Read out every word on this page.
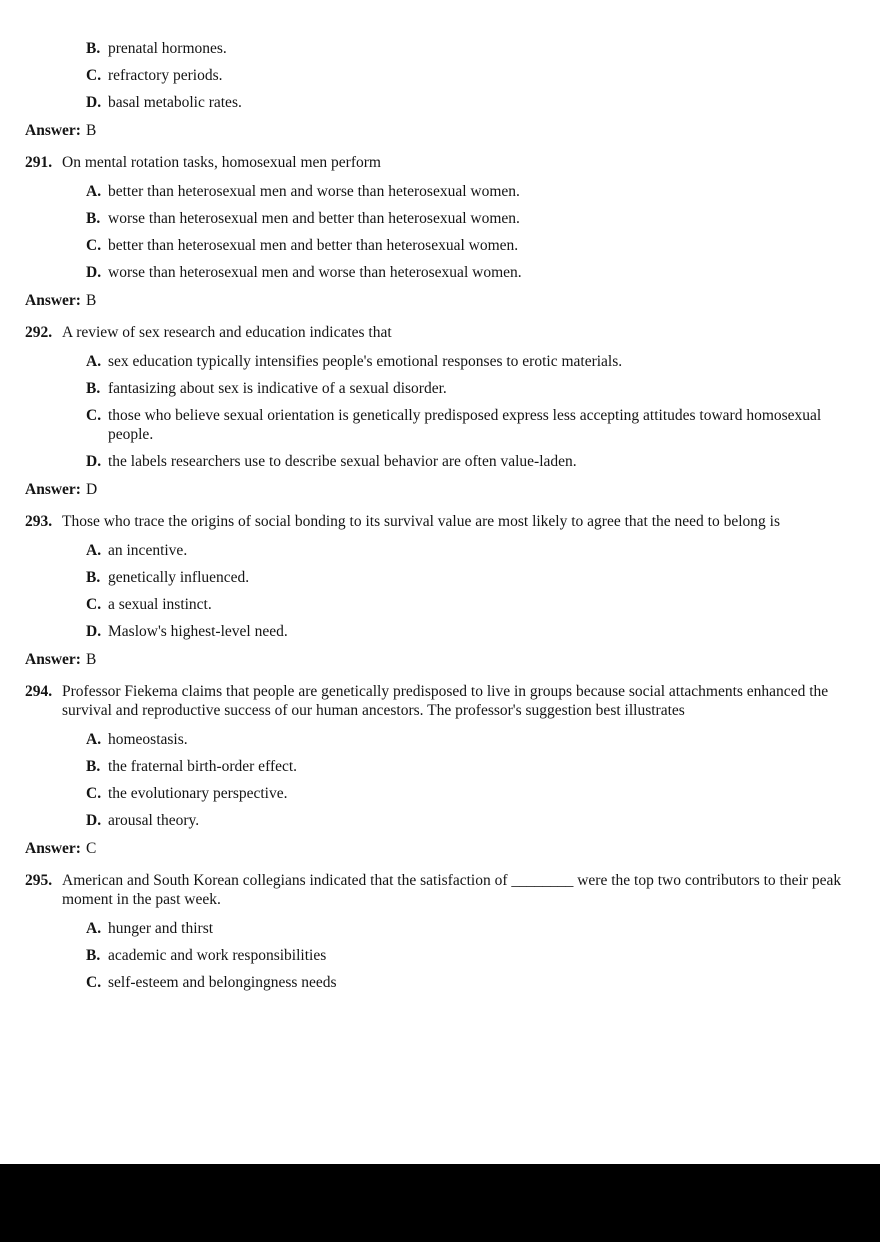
B. prenatal hormones.
C. refractory periods.
D. basal metabolic rates.
Answer: B
291. On mental rotation tasks, homosexual men perform
A. better than heterosexual men and worse than heterosexual women.
B. worse than heterosexual men and better than heterosexual women.
C. better than heterosexual men and better than heterosexual women.
D. worse than heterosexual men and worse than heterosexual women.
Answer: B
292. A review of sex research and education indicates that
A. sex education typically intensifies people's emotional responses to erotic materials.
B. fantasizing about sex is indicative of a sexual disorder.
C. those who believe sexual orientation is genetically predisposed express less accepting attitudes toward homosexual people.
D. the labels researchers use to describe sexual behavior are often value-laden.
Answer: D
293. Those who trace the origins of social bonding to its survival value are most likely to agree that the need to belong is
A. an incentive.
B. genetically influenced.
C. a sexual instinct.
D. Maslow's highest-level need.
Answer: B
294. Professor Fiekema claims that people are genetically predisposed to live in groups because social attachments enhanced the survival and reproductive success of our human ancestors. The professor's suggestion best illustrates
A. homeostasis.
B. the fraternal birth-order effect.
C. the evolutionary perspective.
D. arousal theory.
Answer: C
295. American and South Korean collegians indicated that the satisfaction of ________ were the top two contributors to their peak moment in the past week.
A. hunger and thirst
B. academic and work responsibilities
C. self-esteem and belongingness needs
